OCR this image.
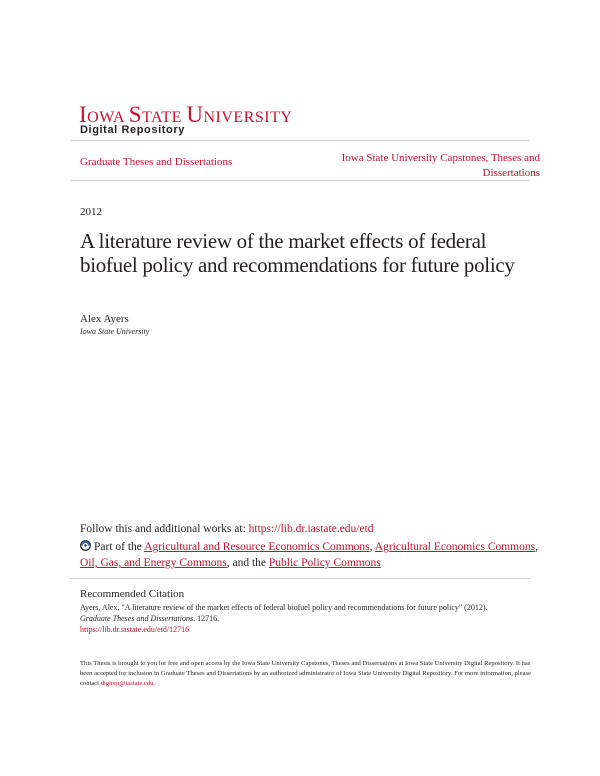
IOWA STATE UNIVERSITY
Digital Repository
Graduate Theses and Dissertations	Iowa State University Capstones, Theses and Dissertations
2012
A literature review of the market effects of federal biofuel policy and recommendations for future policy
Alex Ayers
Iowa State University
Follow this and additional works at: https://lib.dr.iastate.edu/etd
Part of the Agricultural and Resource Economics Commons, Agricultural Economics Commons, Oil, Gas, and Energy Commons, and the Public Policy Commons
Recommended Citation
Ayers, Alex, "A literature review of the market effects of federal biofuel policy and recommendations for future policy" (2012).
Graduate Theses and Dissertations. 12716.
https://lib.dr.iastate.edu/etd/12716
This Thesis is brought to you for free and open access by the Iowa State University Capstones, Theses and Dissertations at Iowa State University Digital Repository. It has been accepted for inclusion in Graduate Theses and Dissertations by an authorized administrator of Iowa State University Digital Repository. For more information, please contact digirep@iastate.edu.
